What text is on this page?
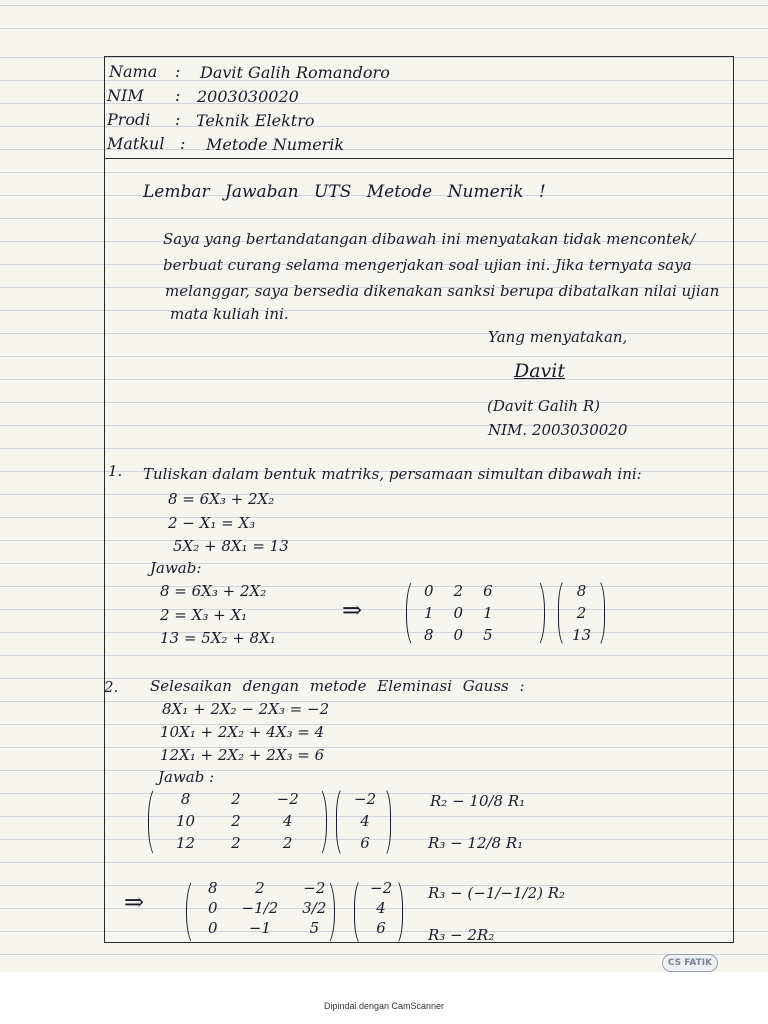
Nama : Davit Galih Romandoro
NIM : 2003030020
Prodi : Teknik Elektro
Matkul : Metode Numerik
Lembar Jawaban UTS Metode Numerik !
Saya yang bertandatangan dibawah ini menyatakan tidak mencontek/
berbuat curang selama mengerjakan soal ujian ini. Jika ternyata saya
melanggar, saya bersedia dikenakan sanksi berupa dibatalkan nilai ujian
mata kuliah ini.
Yang menyatakan,
Davit
(Davit Galih R)
NIM. 2003030020
1. Tuliskan dalam bentuk matriks, persamaan simultan dibawah ini:
8 = 6X₃ + 2X₂
2 − X₁ = X₃
5X₂ + 8X₁ = 13
Jawab:
8 = 6X₃ + 2X₂
2 = X₃ + X₁
13 = 5X₂ + 8X₁
⇒
0	2	6
1	0	1
8	0	5
8
2
13
2. Selesaikan dengan metode Eleminasi Gauss :
8X₁ + 2X₂ − 2X₃ = −2
10X₁ + 2X₂ + 4X₃ = 4
12X₁ + 2X₂ + 2X₃ = 6
Jawab :
8	2	−2
10	2	4
12	2	2
−2
4
6
R₂ − 10/8 R₁
R₃ − 12/8 R₁
⇒	8	2	−2
0	−1/2	3/2
0	−1	5
−2
4
6
R₃ − (−1/−1/2) R₂
R₃ − 2R₂
CS FATIK
Dipindai dengan CamScanner
